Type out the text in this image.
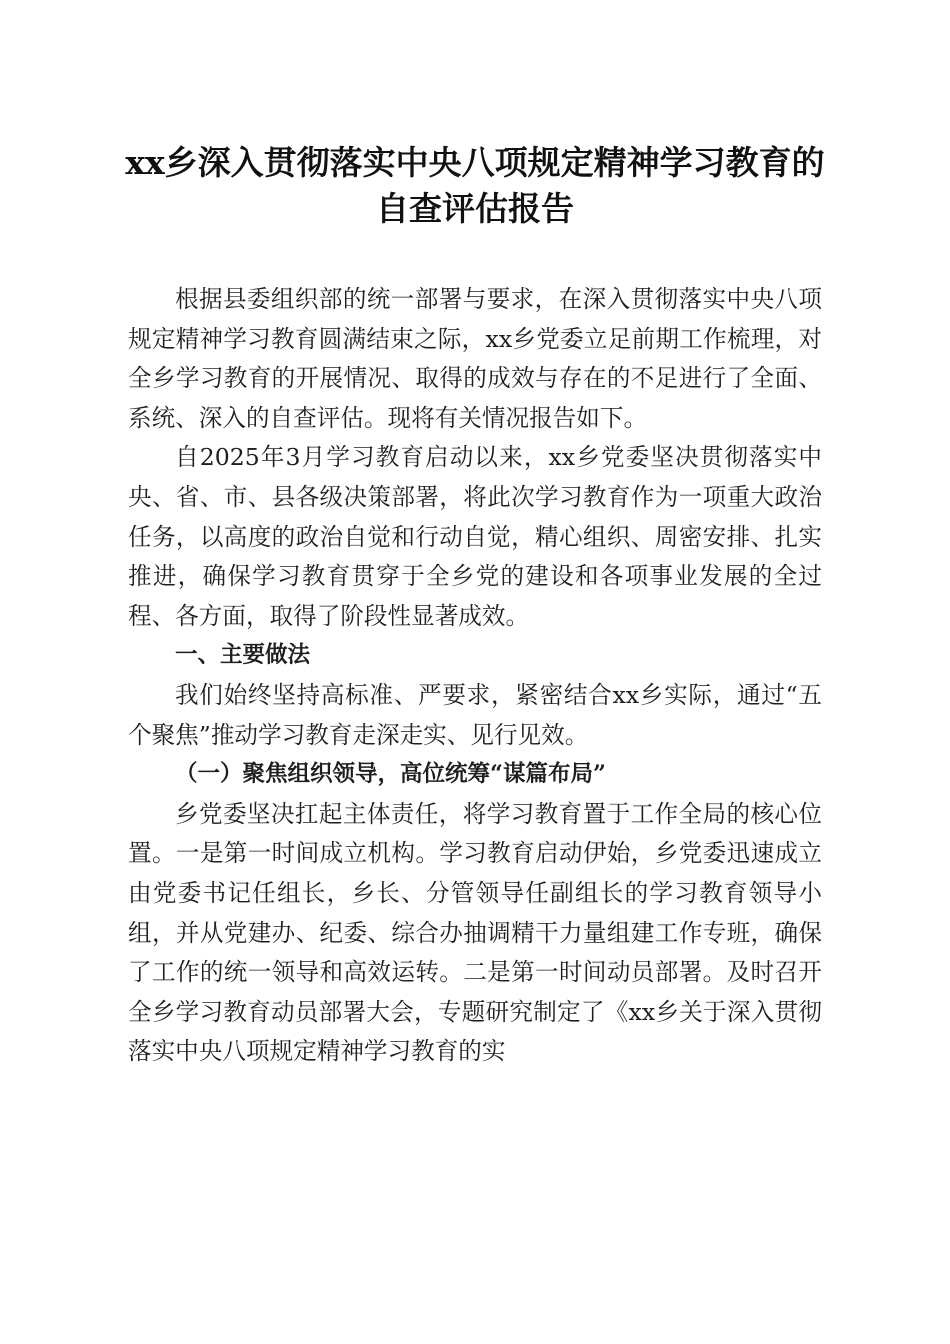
xx乡深入贯彻落实中央八项规定精神学习教育的自查评估报告

根据县委组织部的统一部署与要求，在深入贯彻落实中央八项规定精神学习教育圆满结束之际，xx乡党委立足前期工作梳理，对全乡学习教育的开展情况、取得的成效与存在的不足进行了全面、系统、深入的自查评估。现将有关情况报告如下。

自2025年3月学习教育启动以来，xx乡党委坚决贯彻落实中央、省、市、县各级决策部署，将此次学习教育作为一项重大政治任务，以高度的政治自觉和行动自觉，精心组织、周密安排、扎实推进，确保学习教育贯穿于全乡党的建设和各项事业发展的全过程、各方面，取得了阶段性显著成效。

一、主要做法

我们始终坚持高标准、严要求，紧密结合xx乡实际，通过“五个聚焦”推动学习教育走深走实、见行见效。

（一）聚焦组织领导，高位统筹“谋篇布局”

乡党委坚决扛起主体责任，将学习教育置于工作全局的核心位置。一是第一时间成立机构。学习教育启动伊始，乡党委迅速成立由党委书记任组长，乡长、分管领导任副组长的学习教育领导小组，并从党建办、纪委、综合办抽调精干力量组建工作专班，确保了工作的统一领导和高效运转。二是第一时间动员部署。及时召开全乡学习教育动员部署大会，专题研究制定了《xx乡关于深入贯彻落实中央八项规定精神学习教育的实
